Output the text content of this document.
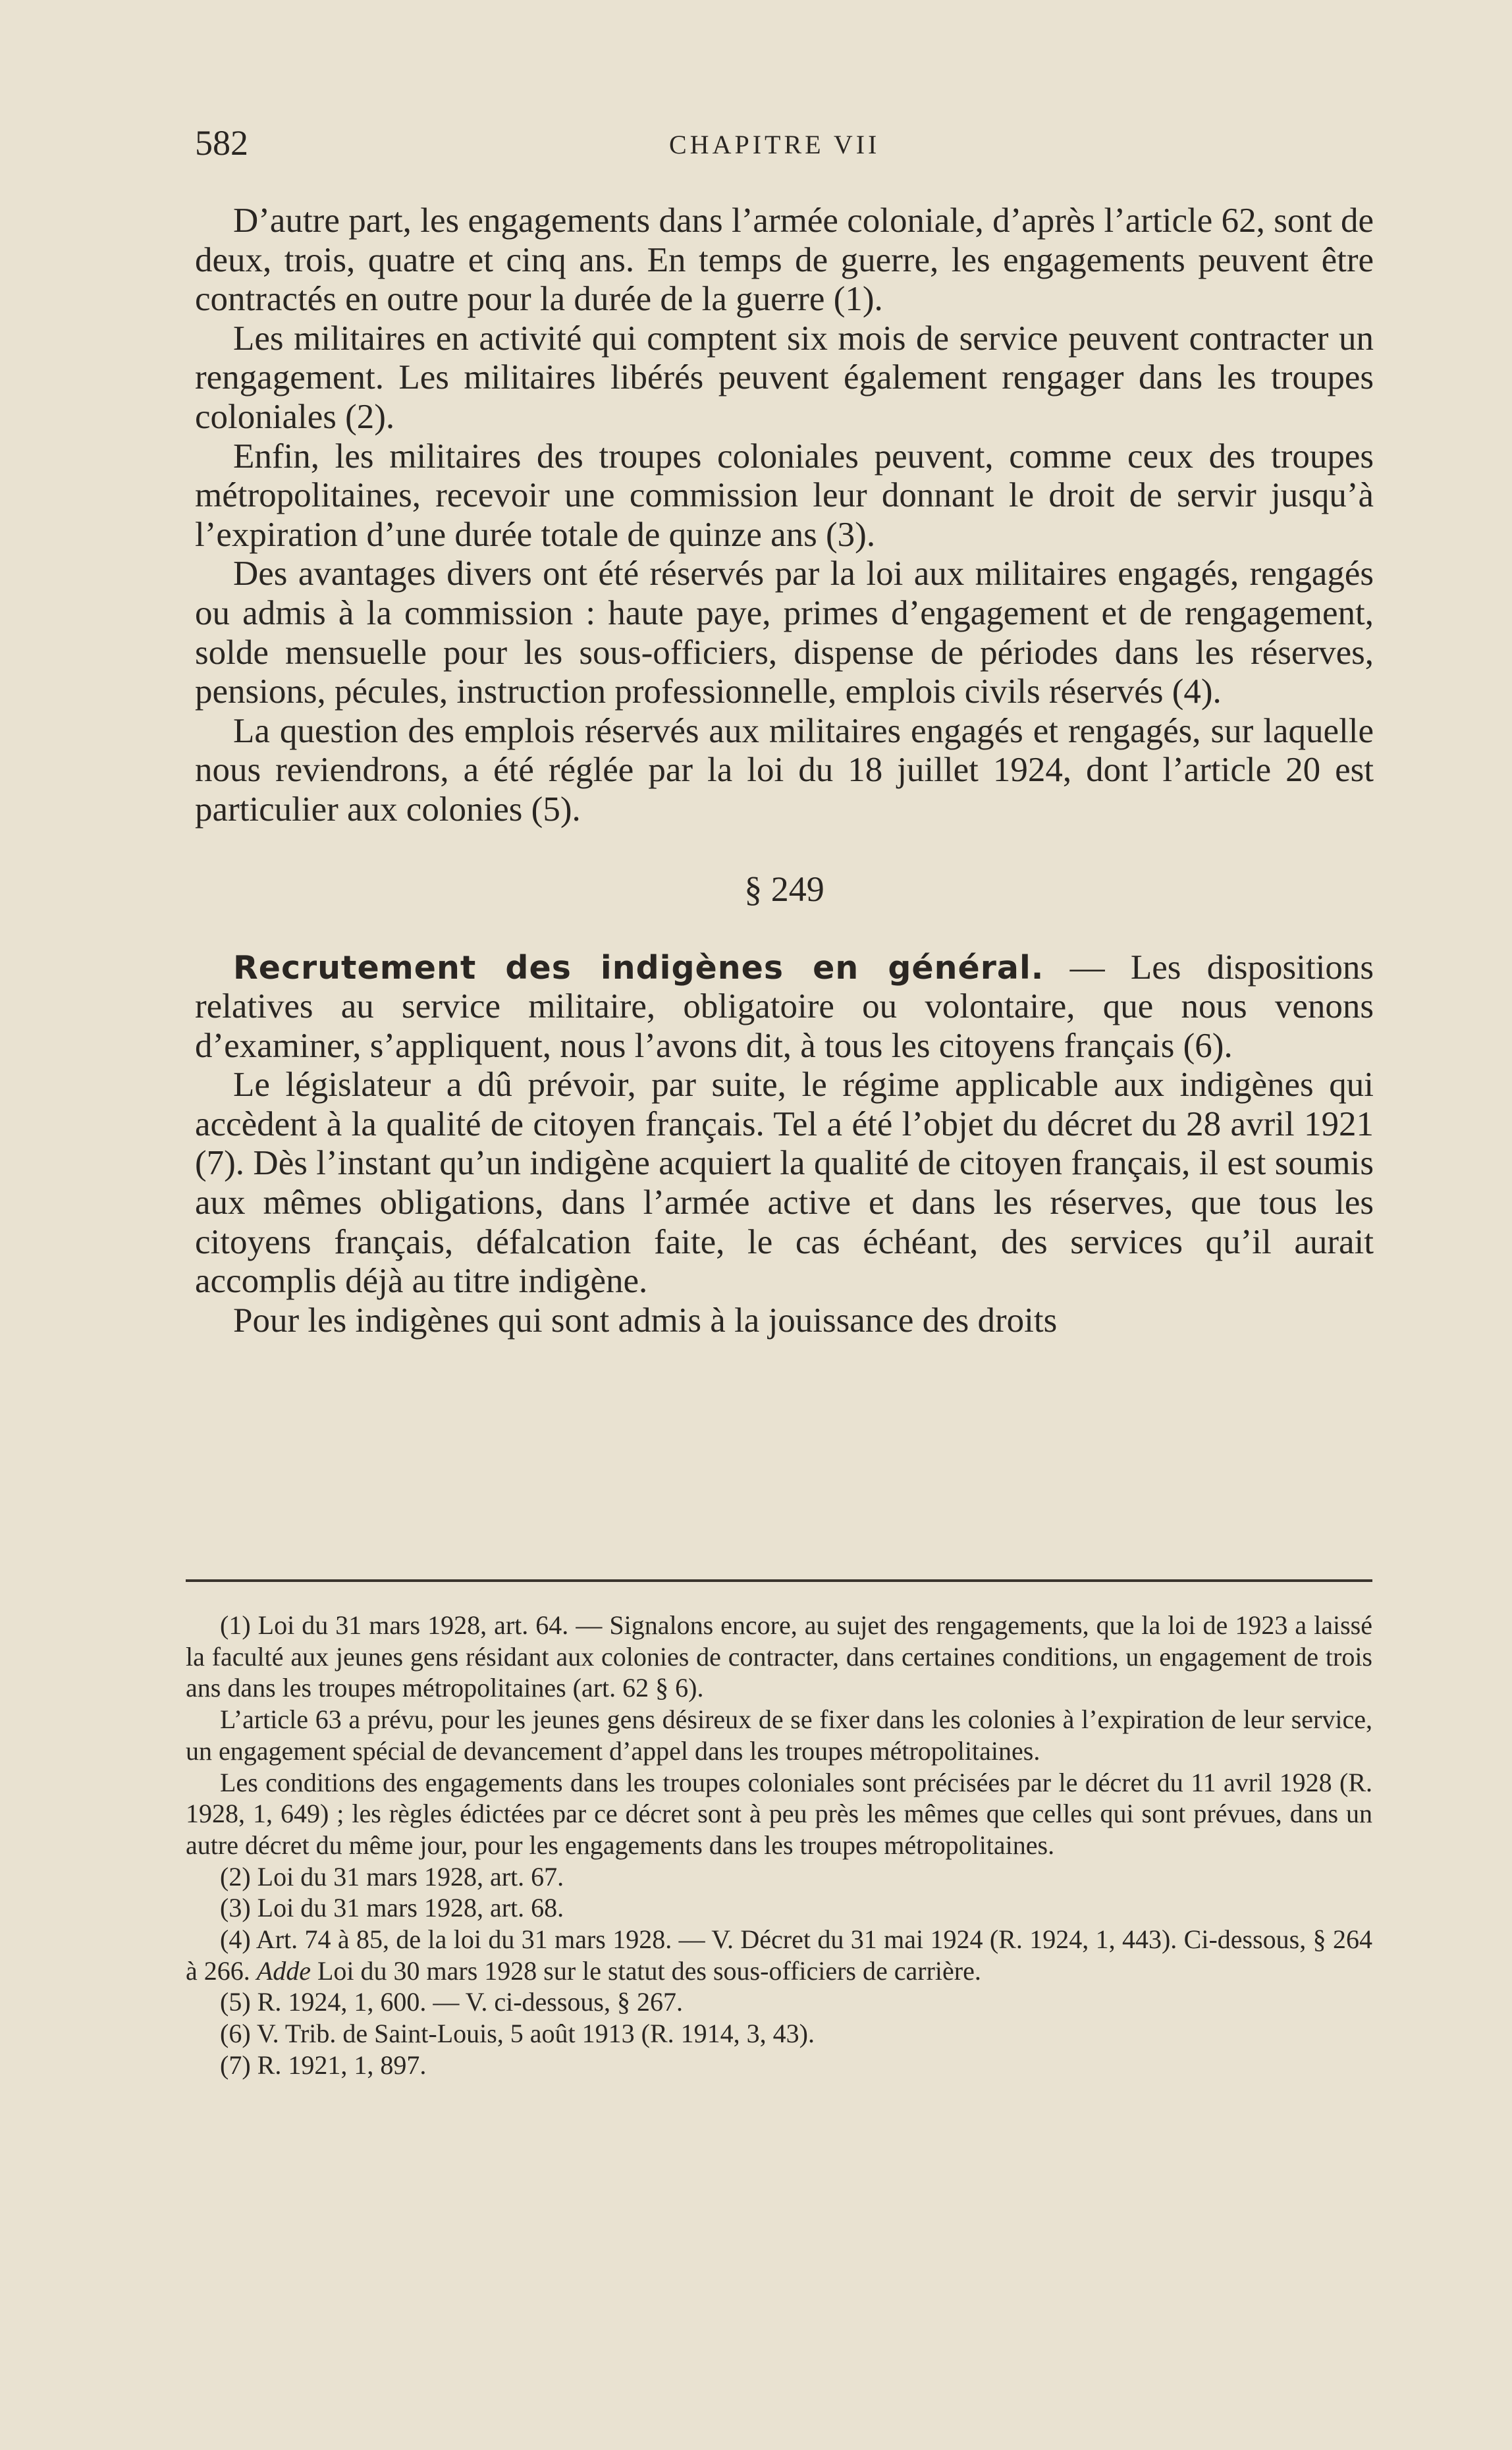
582	CHAPITRE VII

D’autre part, les engagements dans l’armée coloniale, d’après l’article 62, sont de deux, trois, quatre et cinq ans. En temps de guerre, les engagements peuvent être contractés en outre pour la durée de la guerre (1).

Les militaires en activité qui comptent six mois de service peuvent contracter un rengagement. Les militaires libérés peuvent également rengager dans les troupes coloniales (2).

Enfin, les militaires des troupes coloniales peuvent, comme ceux des troupes métropolitaines, recevoir une commission leur donnant le droit de servir jusqu’à l’expiration d’une durée totale de quinze ans (3).

Des avantages divers ont été réservés par la loi aux militaires engagés, rengagés ou admis à la commission : haute paye, primes d’engagement et de rengagement, solde mensuelle pour les sous-officiers, dispense de périodes dans les réserves, pensions, pécules, instruction professionnelle, emplois civils réservés (4).

La question des emplois réservés aux militaires engagés et rengagés, sur laquelle nous reviendrons, a été réglée par la loi du 18 juillet 1924, dont l’article 20 est particulier aux colonies (5).

§ 249

Recrutement des indigènes en général. — Les dispositions relatives au service militaire, obligatoire ou volontaire, que nous venons d’examiner, s’appliquent, nous l’avons dit, à tous les citoyens français (6).

Le législateur a dû prévoir, par suite, le régime applicable aux indigènes qui accèdent à la qualité de citoyen français. Tel a été l’objet du décret du 28 avril 1921 (7). Dès l’instant qu’un indigène acquiert la qualité de citoyen français, il est soumis aux mêmes obligations, dans l’armée active et dans les réserves, que tous les citoyens français, défalcation faite, le cas échéant, des services qu’il aurait accomplis déjà au titre indigène.

Pour les indigènes qui sont admis à la jouissance des droits

(1) Loi du 31 mars 1928, art. 64. — Signalons encore, au sujet des rengagements, que la loi de 1923 a laissé la faculté aux jeunes gens résidant aux colonies de contracter, dans certaines conditions, un engagement de trois ans dans les troupes métropolitaines (art. 62 § 6).

L’article 63 a prévu, pour les jeunes gens désireux de se fixer dans les colonies à l’expiration de leur service, un engagement spécial de devancement d’appel dans les troupes métropolitaines.

Les conditions des engagements dans les troupes coloniales sont précisées par le décret du 11 avril 1928 (R. 1928, 1, 649) ; les règles édictées par ce décret sont à peu près les mêmes que celles qui sont prévues, dans un autre décret du même jour, pour les engagements dans les troupes métropolitaines.

(2) Loi du 31 mars 1928, art. 67.

(3) Loi du 31 mars 1928, art. 68.

(4) Art. 74 à 85, de la loi du 31 mars 1928. — V. Décret du 31 mai 1924 (R. 1924, 1, 443). Ci-dessous, § 264 à 266. Adde Loi du 30 mars 1928 sur le statut des sous-officiers de carrière.

(5) R. 1924, 1, 600. — V. ci-dessous, § 267.

(6) V. Trib. de Saint-Louis, 5 août 1913 (R. 1914, 3, 43).

(7) R. 1921, 1, 897.
